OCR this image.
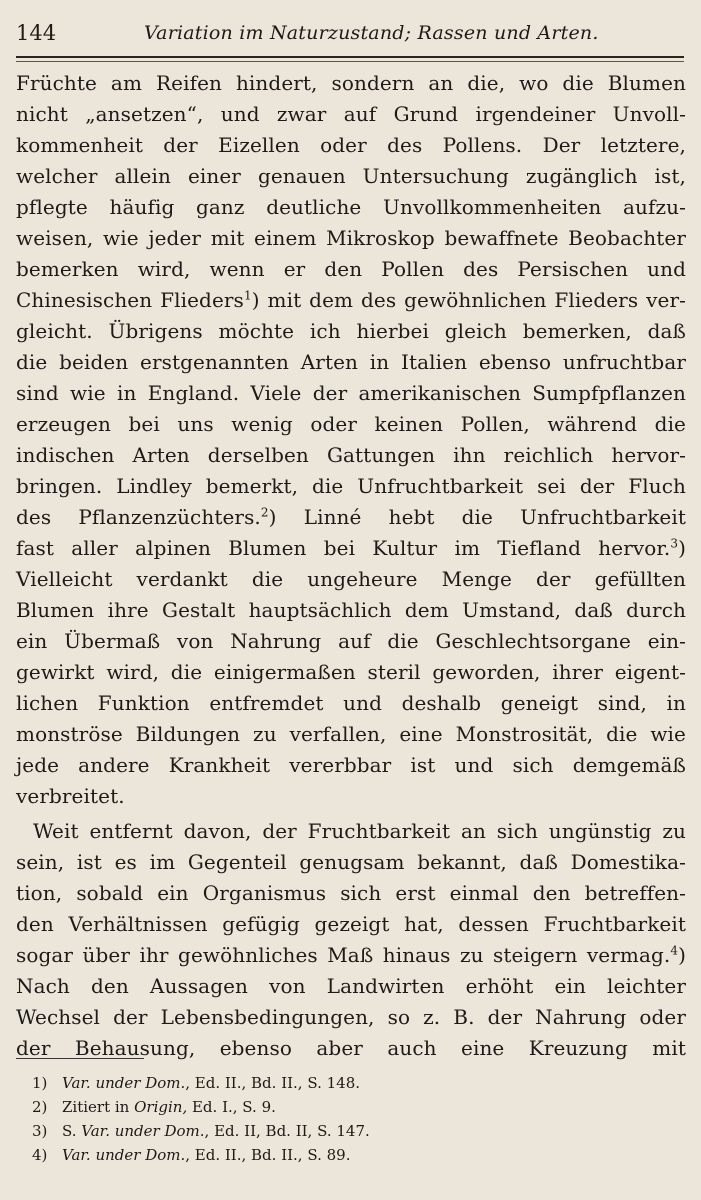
144	Variation im Naturzustand; Rassen und Arten.
Früchte am Reifen hindert, sondern an die, wo die Blumen
nicht „ansetzen“, und zwar auf Grund irgendeiner Unvoll-
kommenheit der Eizellen oder des Pollens. Der letztere,
welcher allein einer genauen Untersuchung zugänglich ist,
pflegte häufig ganz deutliche Unvollkommenheiten aufzu-
weisen, wie jeder mit einem Mikroskop bewaffnete Beobachter
bemerken wird, wenn er den Pollen des Persischen und
Chinesischen Flieders$^1$) mit dem des gewöhnlichen Flieders ver-
gleicht. Übrigens möchte ich hierbei gleich bemerken, daß
die beiden erstgenannten Arten in Italien ebenso unfruchtbar
sind wie in England. Viele der amerikanischen Sumpfpflanzen
erzeugen bei uns wenig oder keinen Pollen, während die
indischen Arten derselben Gattungen ihn reichlich hervor-
bringen. Lindley bemerkt, die Unfruchtbarkeit sei der Fluch
des Pflanzenzüchters.$^2$) Linné hebt die Unfruchtbarkeit
fast aller alpinen Blumen bei Kultur im Tiefland hervor.$^3$)
Vielleicht verdankt die ungeheure Menge der gefüllten
Blumen ihre Gestalt hauptsächlich dem Umstand, daß durch
ein Übermaß von Nahrung auf die Geschlechtsorgane ein-
gewirkt wird, die einigermaßen steril geworden, ihrer eigent-
lichen Funktion entfremdet und deshalb geneigt sind, in
monströse Bildungen zu verfallen, eine Monstrosität, die wie
jede andere Krankheit vererbbar ist und sich demgemäß
verbreitet.
Weit entfernt davon, der Fruchtbarkeit an sich ungünstig zu
sein, ist es im Gegenteil genugsam bekannt, daß Domestika-
tion, sobald ein Organismus sich erst einmal den betreffen-
den Verhältnissen gefügig gezeigt hat, dessen Fruchtbarkeit
sogar über ihr gewöhnliches Maß hinaus zu steigern vermag.$^4$)
Nach den Aussagen von Landwirten erhöht ein leichter
Wechsel der Lebensbedingungen, so z. B. der Nahrung oder
der Behausung, ebenso aber auch eine Kreuzung mit
1) Var. under Dom., Ed. II., Bd. II., S. 148.
2) Zitiert in Origin, Ed. I., S. 9.
3) S. Var. under Dom., Ed. II, Bd. II, S. 147.
4) Var. under Dom., Ed. II., Bd. II., S. 89.
